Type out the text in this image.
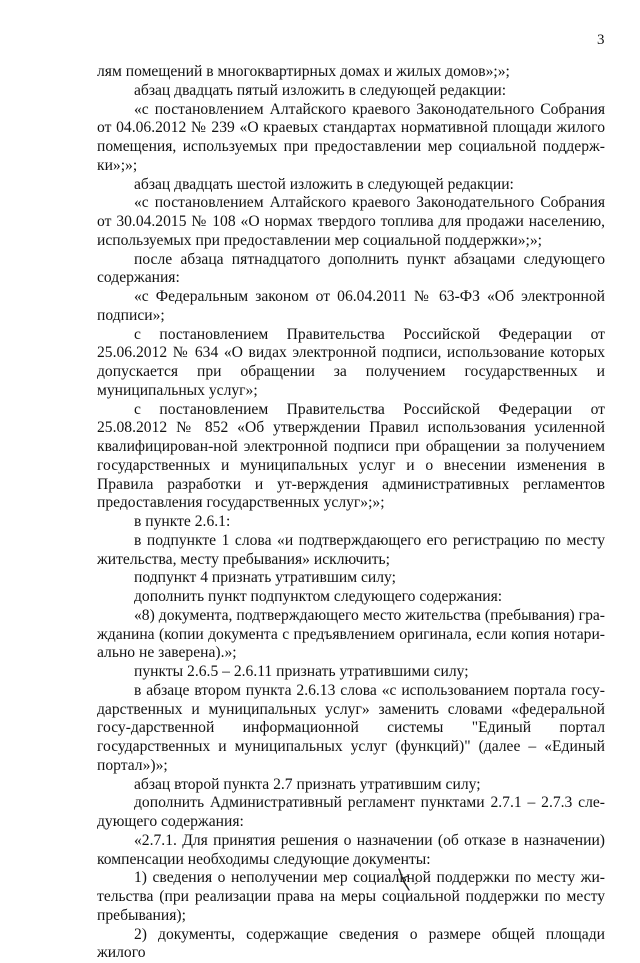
3

лям помещений в многоквартирных домах и жилых домов»;»;

абзац двадцать пятый изложить в следующей редакции:

«с постановлением Алтайского краевого Законодательного Собрания от 04.06.2012 № 239 «О краевых стандартах нормативной площади жилого помещения, используемых при предоставлении мер социальной поддерж-ки»;»;

абзац двадцать шестой изложить в следующей редакции:

«с постановлением Алтайского краевого Законодательного Собрания от 30.04.2015 № 108 «О нормах твердого топлива для продажи населению, используемых при предоставлении мер социальной поддержки»;»;

после абзаца пятнадцатого дополнить пункт абзацами следующего содержания:

«с Федеральным законом от 06.04.2011 № 63-ФЗ «Об электронной подписи»;

с постановлением Правительства Российской Федерации от 25.06.2012 № 634 «О видах электронной подписи, использование которых допускается при обращении за получением государственных и муниципальных услуг»;

с постановлением Правительства Российской Федерации от 25.08.2012 № 852 «Об утверждении Правил использования усиленной квалифицирован-ной электронной подписи при обращении за получением государственных и муниципальных услуг и о внесении изменения в Правила разработки и ут-верждения административных регламентов предоставления государственных услуг»;»;

в пункте 2.6.1:

в подпункте 1 слова «и подтверждающего его регистрацию по месту жительства, месту пребывания» исключить;

подпункт 4 признать утратившим силу;

дополнить пункт подпунктом следующего содержания:

«8) документа, подтверждающего место жительства (пребывания) гра-жданина (копии документа с предъявлением оригинала, если копия нотари-ально не заверена).»;

пункты 2.6.5 – 2.6.11 признать утратившими силу;

в абзаце втором пункта 2.6.13 слова «с использованием портала госу-дарственных и муниципальных услуг» заменить словами «федеральной госу-дарственной информационной системы "Единый портал государственных и муниципальных услуг (функций)" (далее – «Единый портал»)»;

абзац второй пункта 2.7 признать утратившим силу;

дополнить Административный регламент пунктами 2.7.1 – 2.7.3 сле-дующего содержания:

«2.7.1. Для принятия решения о назначении (об отказе в назначении) компенсации необходимы следующие документы:

1) сведения о неполучении мер социальной поддержки по месту жи-тельства (при реализации права на меры социальной поддержки по месту пребывания);

2) документы, содержащие сведения о размере общей площади жилого
